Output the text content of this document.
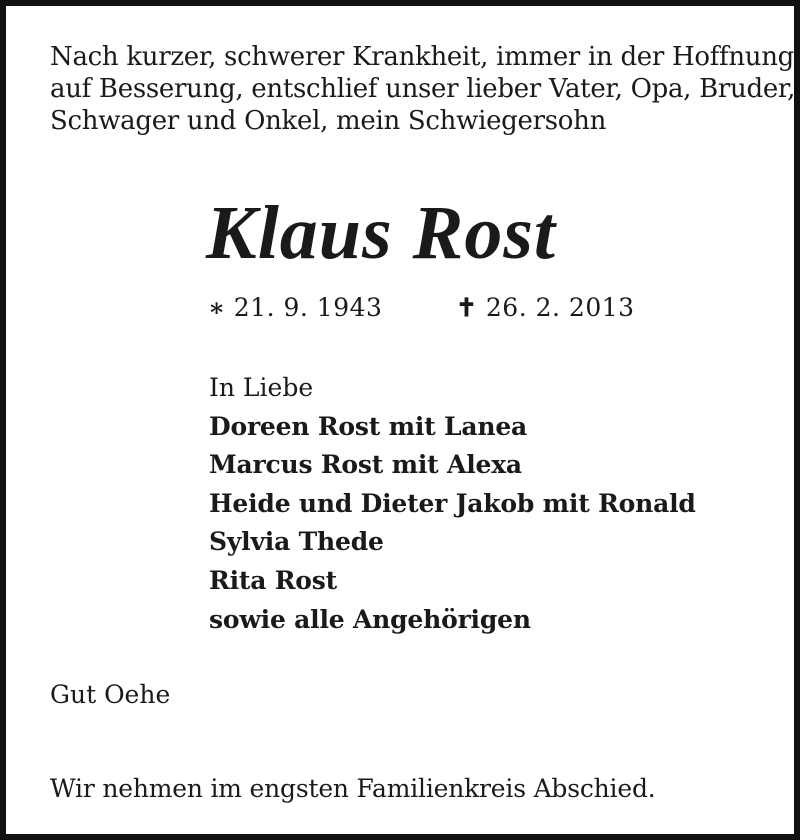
Nach kurzer, schwerer Krankheit, immer in der Hoffnung
auf Besserung, entschlief unser lieber Vater, Opa, Bruder,
Schwager und Onkel, mein Schwiegersohn
Klaus Rost
∗ 21. 9. 1943	✝ 26. 2. 2013
In Liebe
Doreen Rost mit Lanea
Marcus Rost mit Alexa
Heide und Dieter Jakob mit Ronald
Sylvia Thede
Rita Rost
sowie alle Angehörigen
Gut Oehe
Wir nehmen im engsten Familienkreis Abschied.
